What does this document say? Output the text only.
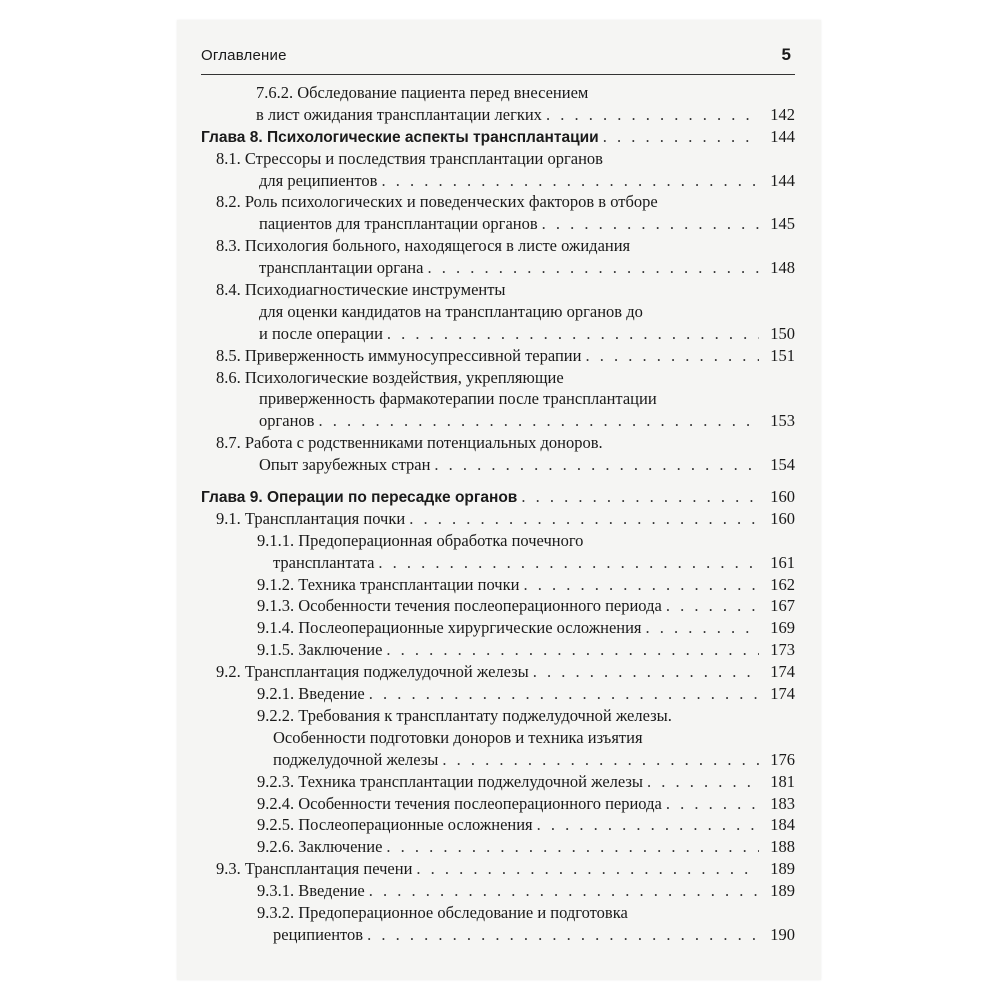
Оглавление	5
7.6.2. Обследование пациента перед внесением
в лист ожидания трансплантации легких . . .	142
Глава 8. Психологические аспекты трансплантации . . .	144
8.1. Стрессоры и последствия трансплантации органов
для реципиентов . . .	144
8.2. Роль психологических и поведенческих факторов в отборе
пациентов для трансплантации органов . . .	145
8.3. Психология больного, находящегося в листе ожидания
трансплантации органа . . .	148
8.4. Психодиагностические инструменты
для оценки кандидатов на трансплантацию органов до
и после операции . . .	150
8.5. Приверженность иммуносупрессивной терапии . . .	151
8.6. Психологические воздействия, укрепляющие
приверженность фармакотерапии после трансплантации
органов . . .	153
8.7. Работа с родственниками потенциальных доноров.
Опыт зарубежных стран . . .	154
Глава 9. Операции по пересадке органов . . .	160
9.1. Трансплантация почки . . .	160
9.1.1. Предоперационная обработка почечного
трансплантата . . .	161
9.1.2. Техника трансплантации почки . . .	162
9.1.3. Особенности течения послеоперационного периода . . .	167
9.1.4. Послеоперационные хирургические осложнения . . .	169
9.1.5. Заключение . . .	173
9.2. Трансплантация поджелудочной железы . . .	174
9.2.1. Введение . . .	174
9.2.2. Требования к трансплантату поджелудочной железы.
Особенности подготовки доноров и техника изъятия
поджелудочной железы . . .	176
9.2.3. Техника трансплантации поджелудочной железы . . .	181
9.2.4. Особенности течения послеоперационного периода . . .	183
9.2.5. Послеоперационные осложнения . . .	184
9.2.6. Заключение . . .	188
9.3. Трансплантация печени . . .	189
9.3.1. Введение . . .	189
9.3.2. Предоперационное обследование и подготовка
реципиентов . . .	190
